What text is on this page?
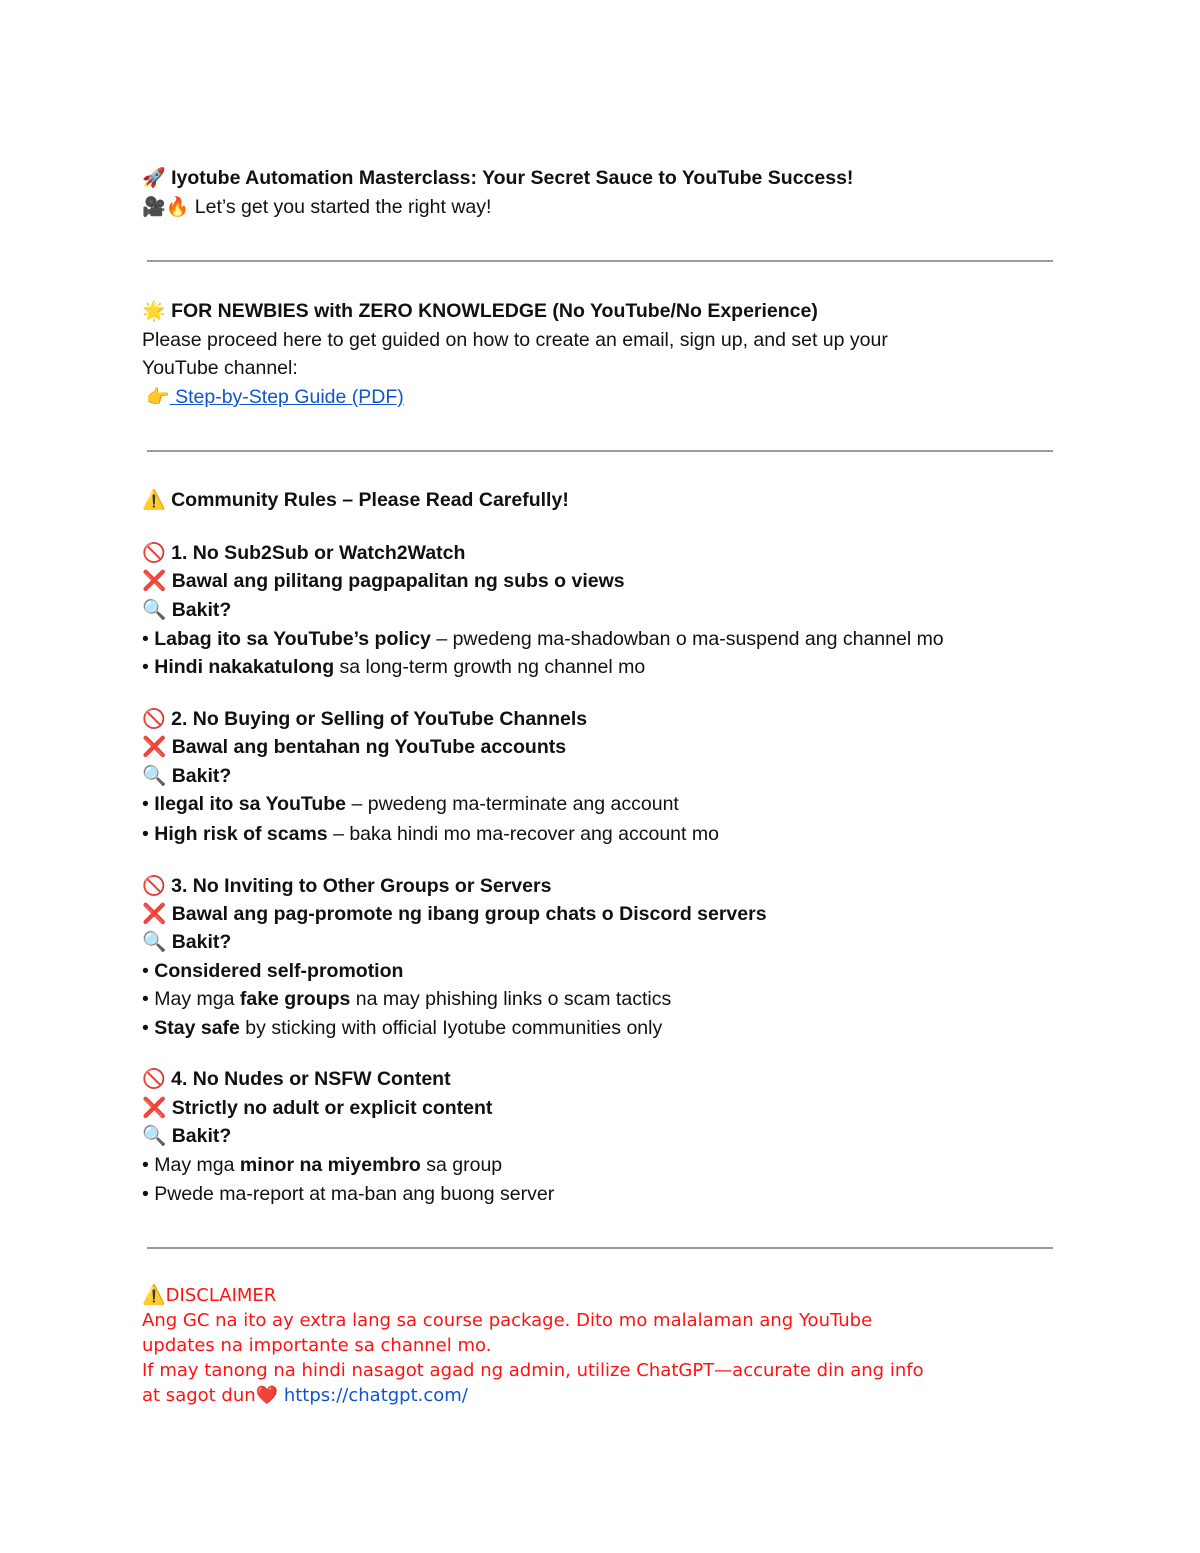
🚀 Iyotube Automation Masterclass: Your Secret Sauce to YouTube Success!
🎥🔥 Let’s get you started the right way!
🌟 FOR NEWBIES with ZERO KNOWLEDGE (No YouTube/No Experience)
Please proceed here to get guided on how to create an email, sign up, and set up your
YouTube channel:
👉 Step-by-Step Guide (PDF)
⚠️ Community Rules – Please Read Carefully!
🚫 1. No Sub2Sub or Watch2Watch
❌ Bawal ang pilitang pagpapalitan ng subs o views
🔍 Bakit?
• Labag ito sa YouTube’s policy – pwedeng ma-shadowban o ma-suspend ang channel mo
• Hindi nakakatulong sa long-term growth ng channel mo
🚫 2. No Buying or Selling of YouTube Channels
❌ Bawal ang bentahan ng YouTube accounts
🔍 Bakit?
• Ilegal ito sa YouTube – pwedeng ma-terminate ang account
• High risk of scams – baka hindi mo ma-recover ang account mo
🚫 3. No Inviting to Other Groups or Servers
❌ Bawal ang pag-promote ng ibang group chats o Discord servers
🔍 Bakit?
• Considered self-promotion
• May mga fake groups na may phishing links o scam tactics
• Stay safe by sticking with official Iyotube communities only
🚫 4. No Nudes or NSFW Content
❌ Strictly no adult or explicit content
🔍 Bakit?
• May mga minor na miyembro sa group
• Pwede ma-report at ma-ban ang buong server
⚠️DISCLAIMER
Ang GC na ito ay extra lang sa course package. Dito mo malalaman ang YouTube
updates na importante sa channel mo.
If may tanong na hindi nasagot agad ng admin, utilize ChatGPT—accurate din ang info
at sagot dun❤️ https://chatgpt.com/
